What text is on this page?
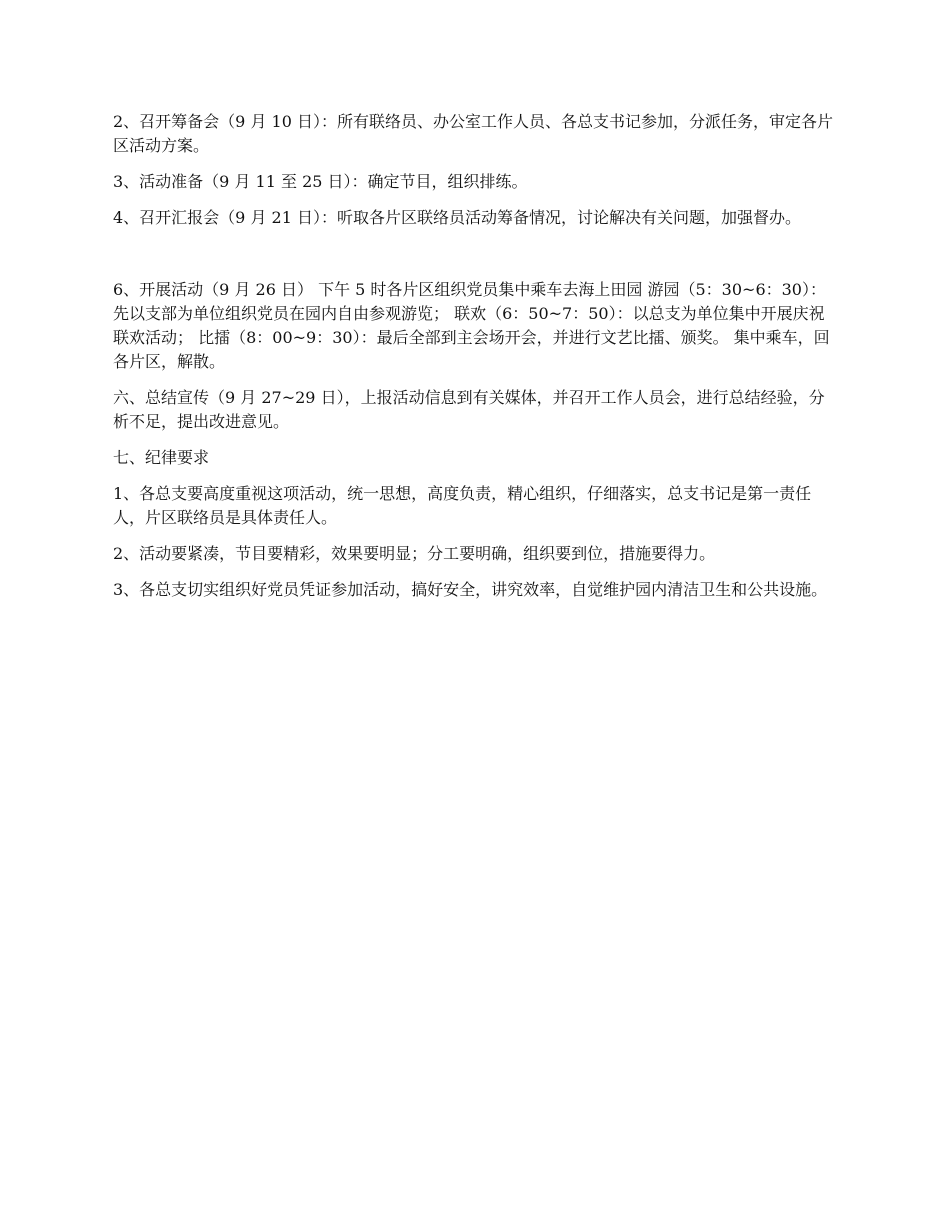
2、召开筹备会（9 月 10 日）：所有联络员、办公室工作人员、各总支书记参加，分派任务，审定各片区活动方案。

3、活动准备（9 月 11 至 25 日）：确定节目，组织排练。

4、召开汇报会（9 月 21 日）：听取各片区联络员活动筹备情况，讨论解决有关问题，加强督办。

6、开展活动（9 月 26 日） 下午 5 时各片区组织党员集中乘车去海上田园 游园（5：30~6：30）：先以支部为单位组织党员在园内自由参观游览； 联欢（6：50~7：50）：以总支为单位集中开展庆祝联欢活动； 比擂（8：00~9：30）：最后全部到主会场开会，并进行文艺比擂、颁奖。 集中乘车，回各片区，解散。

六、总结宣传（9 月 27~29 日），上报活动信息到有关媒体，并召开工作人员会，进行总结经验，分析不足，提出改进意见。

七、纪律要求

1、各总支要高度重视这项活动，统一思想，高度负责，精心组织，仔细落实，总支书记是第一责任人，片区联络员是具体责任人。

2、活动要紧凑，节目要精彩，效果要明显；分工要明确，组织要到位，措施要得力。

3、各总支切实组织好党员凭证参加活动，搞好安全，讲究效率，自觉维护园内清洁卫生和公共设施。
